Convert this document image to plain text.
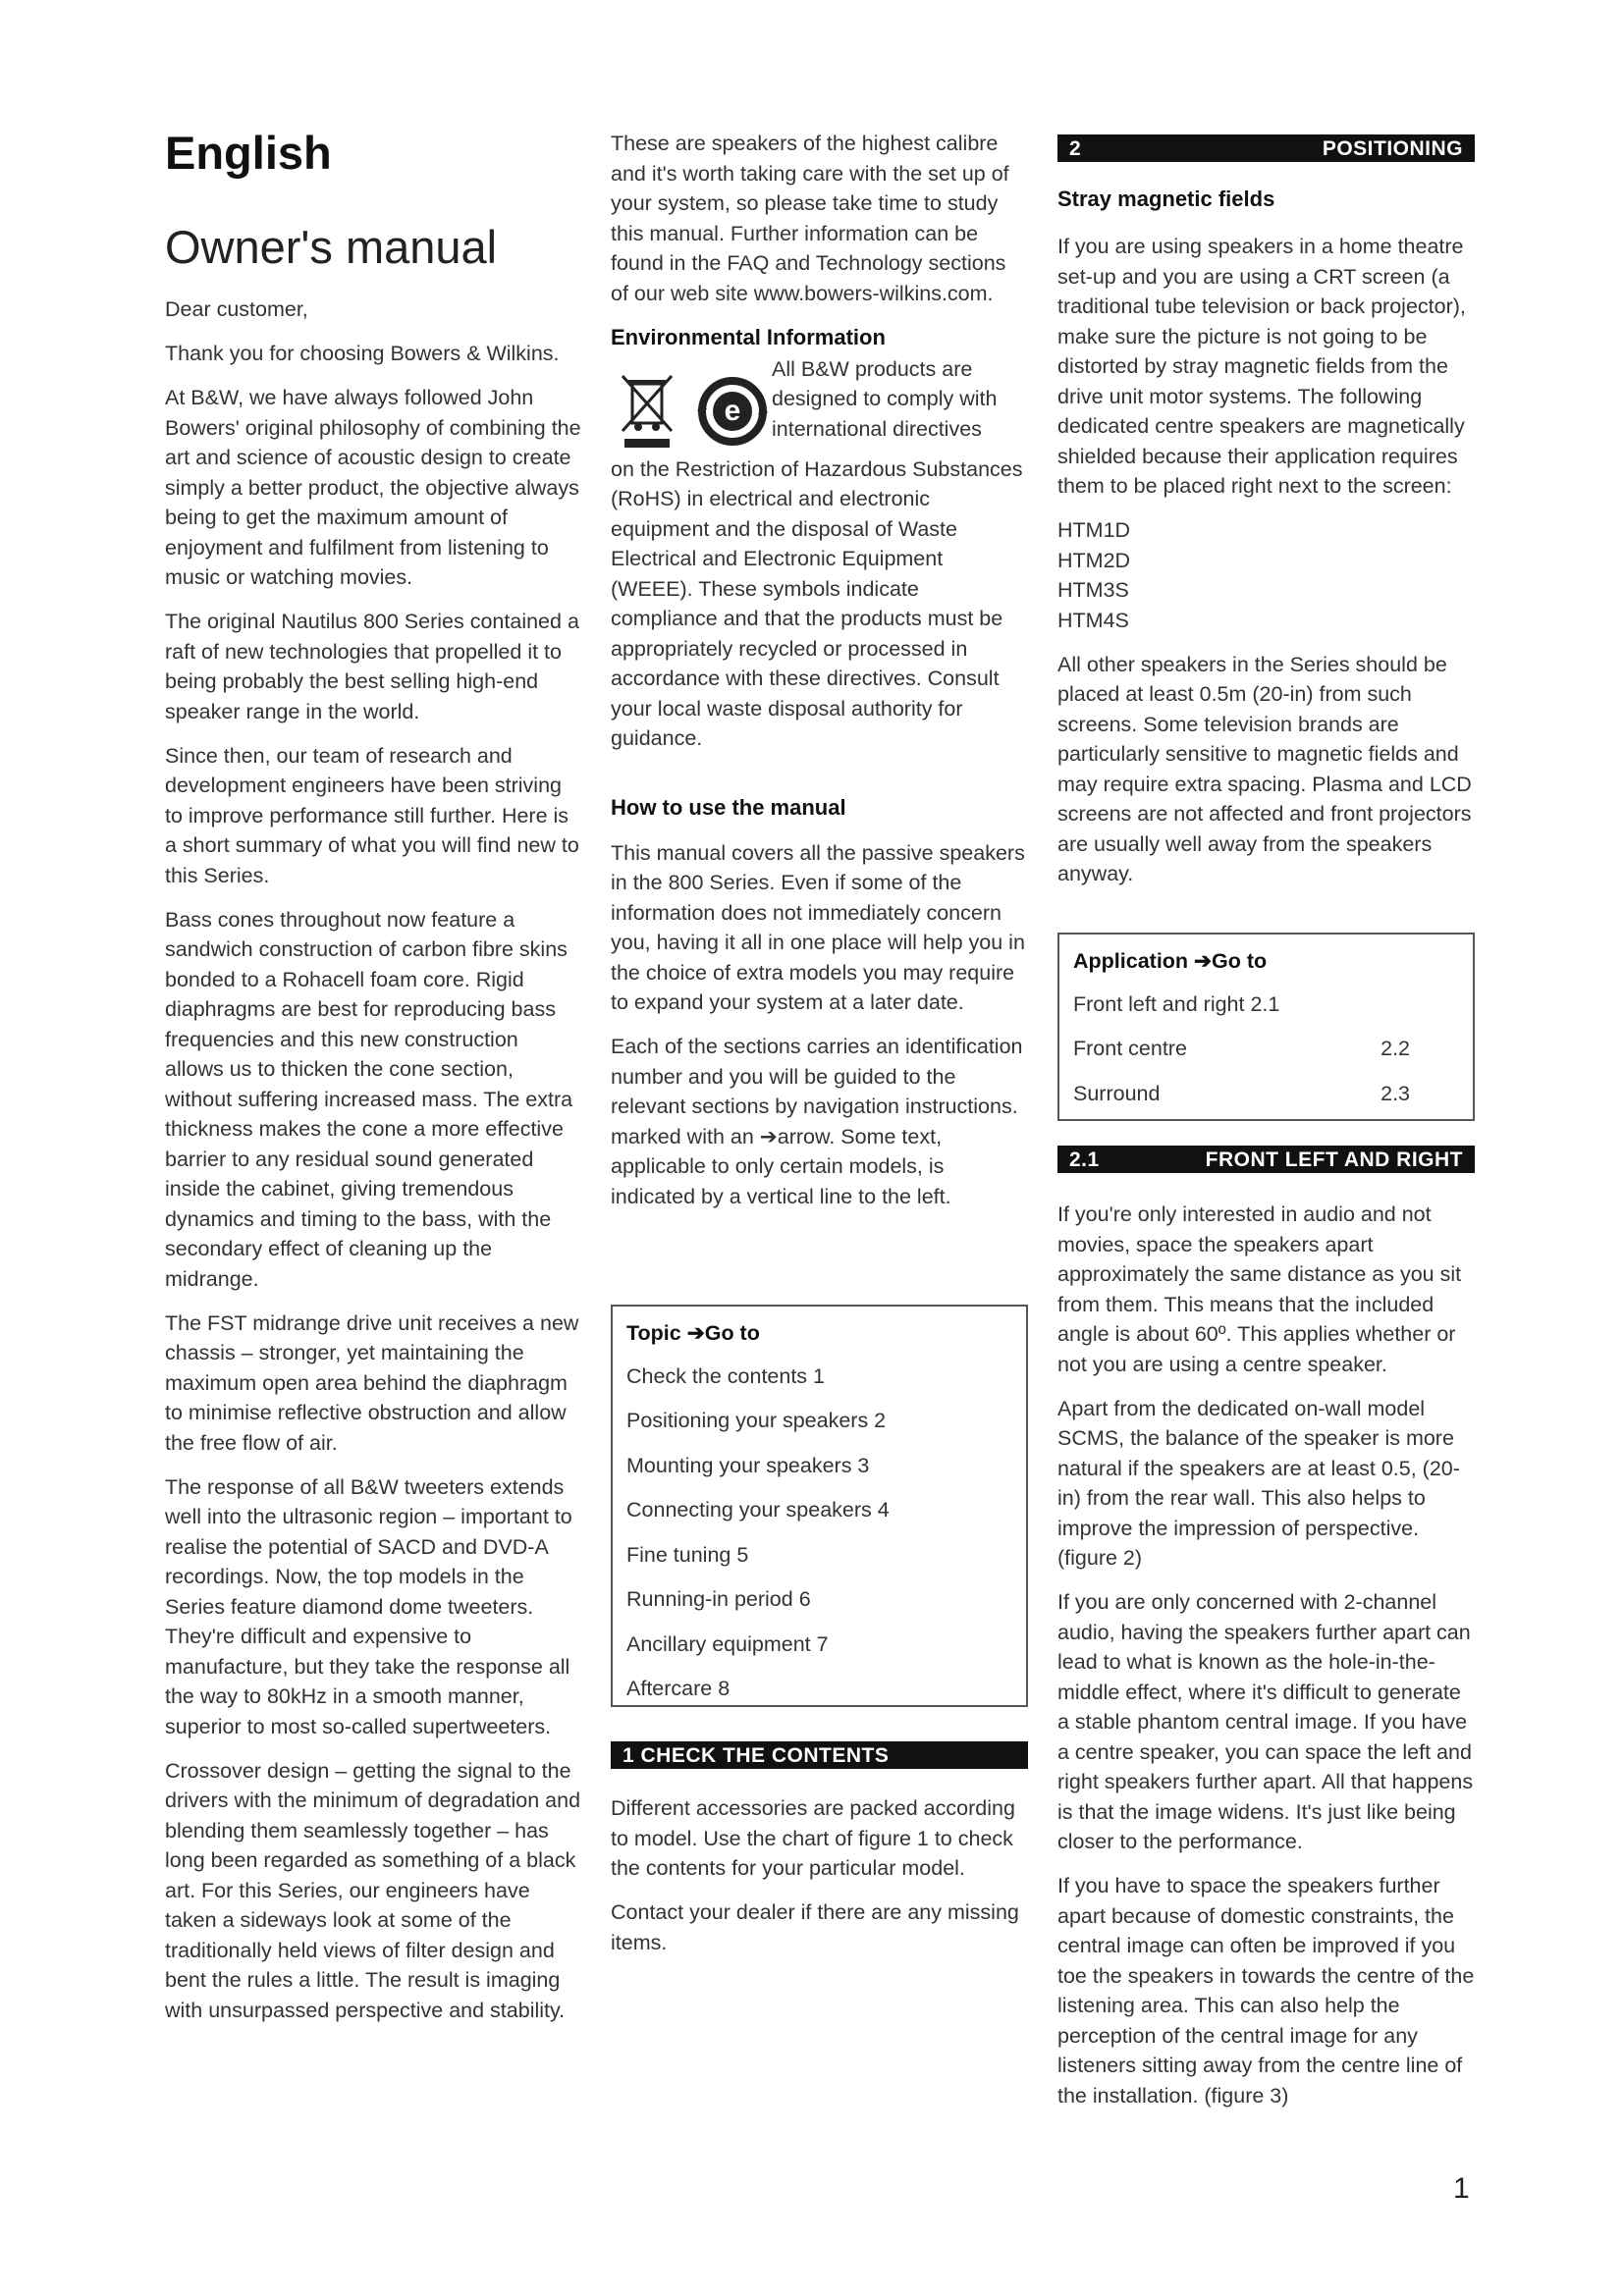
English
Owner's manual

Dear customer,

Thank you for choosing Bowers & Wilkins.

At B&W, we have always followed John Bowers' original philosophy of combining the art and science of acoustic design to create simply a better product, the objective always being to get the maximum amount of enjoyment and fulfilment from listening to music or watching movies.

The original Nautilus 800 Series contained a raft of new technologies that propelled it to being probably the best selling high-end speaker range in the world.

Since then, our team of research and development engineers have been striving to improve performance still further. Here is a short summary of what you will find new to this Series.

Bass cones throughout now feature a sandwich construction of carbon fibre skins bonded to a Rohacell foam core. Rigid diaphragms are best for reproducing bass frequencies and this new construction allows us to thicken the cone section, without suffering increased mass. The extra thickness makes the cone a more effective barrier to any residual sound generated inside the cabinet, giving tremendous dynamics and timing to the bass, with the secondary effect of cleaning up the midrange.

The FST midrange drive unit receives a new chassis – stronger, yet maintaining the maximum open area behind the diaphragm to minimise reflective obstruction and allow the free flow of air.

The response of all B&W tweeters extends well into the ultrasonic region – important to realise the potential of SACD and DVD-A recordings. Now, the top models in the Series feature diamond dome tweeters. They're difficult and expensive to manufacture, but they take the response all the way to 80kHz in a smooth manner, superior to most so-called supertweeters.

Crossover design – getting the signal to the drivers with the minimum of degradation and blending them seamlessly together – has long been regarded as something of a black art. For this Series, our engineers have taken a sideways look at some of the traditionally held views of filter design and bent the rules a little. The result is imaging with unsurpassed perspective and stability.

These are speakers of the highest calibre and it's worth taking care with the set up of your system, so please take time to study this manual. Further information can be found in the FAQ and Technology sections of our web site www.bowers-wilkins.com.

Environmental Information
e

All B&W products are designed to comply with international directives

on the Restriction of Hazardous Substances (RoHS) in electrical and electronic equipment and the disposal of Waste Electrical and Electronic Equipment (WEEE). These symbols indicate compliance and that the products must be appropriately recycled or processed in accordance with these directives. Consult your local waste disposal authority for guidance.

How to use the manual

This manual covers all the passive speakers in the 800 Series. Even if some of the information does not immediately concern you, having it all in one place will help you in the choice of extra models you may require to expand your system at a later date.

Each of the sections carries an identification number and you will be guided to the relevant sections by navigation instructions. marked with an ➔arrow. Some text, applicable to only certain models, is indicated by a vertical line to the left.

Topic ➔Go to
Check the contents 1
Positioning your speakers 2
Mounting your speakers 3
Connecting your speakers 4
Fine tuning 5
Running-in period 6
Ancillary equipment 7
Aftercare 8
1 CHECK THE CONTENTS

Different accessories are packed according to model. Use the chart of figure 1 to check the contents for your particular model.

Contact your dealer if there are any missing items.

2	POSITIONING
Stray magnetic fields

If you are using speakers in a home theatre set-up and you are using a CRT screen (a traditional tube television or back projector), make sure the picture is not going to be distorted by stray magnetic fields from the drive unit motor systems. The following dedicated centre speakers are magnetically shielded because their application requires them to be placed right next to the screen:

HTM1D
HTM2D
HTM3S
HTM4S

All other speakers in the Series should be placed at least 0.5m (20-in) from such screens. Some television brands are particularly sensitive to magnetic fields and may require extra spacing. Plasma and LCD screens are not affected and front projectors are usually well away from the speakers anyway.

Application ➔Go to
Front left and right 2.1
Front centre	2.2
Surround	2.3
2.1	FRONT LEFT AND RIGHT

If you're only interested in audio and not movies, space the speakers apart approximately the same distance as you sit from them. This means that the included angle is about 60º. This applies whether or not you are using a centre speaker.

Apart from the dedicated on-wall model SCMS, the balance of the speaker is more natural if the speakers are at least 0.5, (20-in) from the rear wall. This also helps to improve the impression of perspective. (figure 2)

If you are only concerned with 2-channel audio, having the speakers further apart can lead to what is known as the hole-in-the-middle effect, where it's difficult to generate a stable phantom central image. If you have a centre speaker, you can space the left and right speakers further apart. All that happens is that the image widens. It's just like being closer to the performance.

If you have to space the speakers further apart because of domestic constraints, the central image can often be improved if you toe the speakers in towards the centre of the listening area. This can also help the perception of the central image for any listeners sitting away from the centre line of the installation. (figure 3)

1
